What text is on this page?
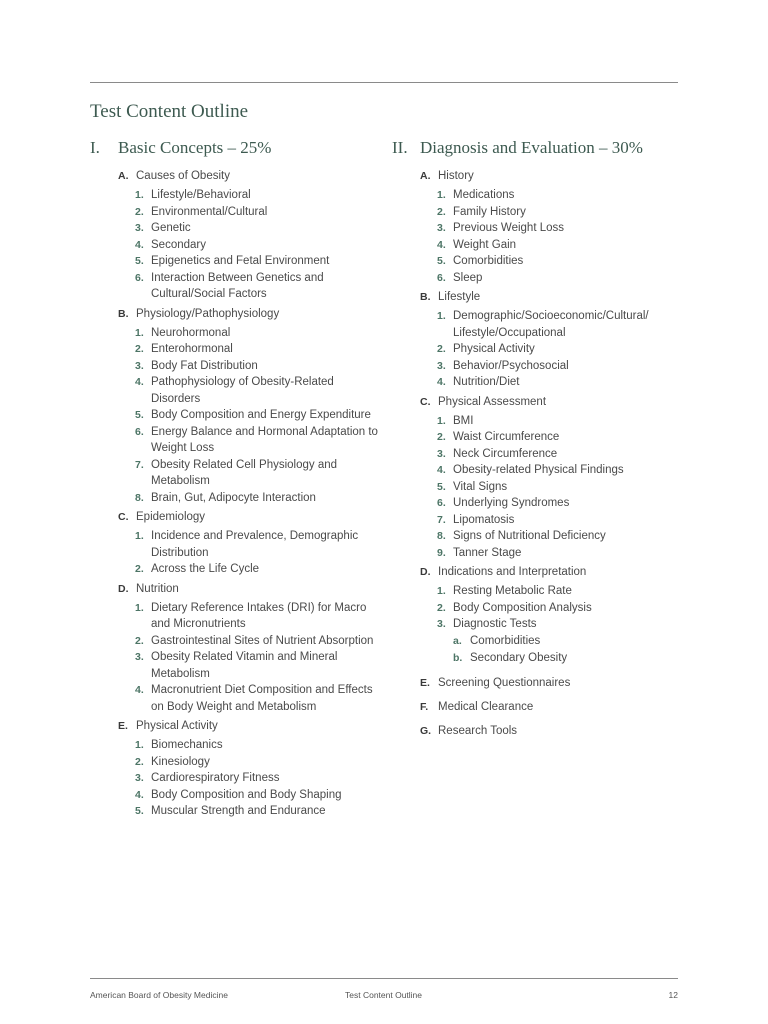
Test Content Outline
I.	Basic Concepts – 25%
A. Causes of Obesity
1. Lifestyle/Behavioral
2. Environmental/Cultural
3. Genetic
4. Secondary
5. Epigenetics and Fetal Environment
6. Interaction Between Genetics and Cultural/Social Factors
B. Physiology/Pathophysiology
1. Neurohormonal
2. Enterohormonal
3. Body Fat Distribution
4. Pathophysiology of Obesity-Related Disorders
5. Body Composition and Energy Expenditure
6. Energy Balance and Hormonal Adaptation to Weight Loss
7. Obesity Related Cell Physiology and Metabolism
8. Brain, Gut, Adipocyte Interaction
C. Epidemiology
1. Incidence and Prevalence, Demographic Distribution
2. Across the Life Cycle
D. Nutrition
1. Dietary Reference Intakes (DRI) for Macro and Micronutrients
2. Gastrointestinal Sites of Nutrient Absorption
3. Obesity Related Vitamin and Mineral Metabolism
4. Macronutrient Diet Composition and Effects on Body Weight and Metabolism
E. Physical Activity
1. Biomechanics
2. Kinesiology
3. Cardiorespiratory Fitness
4. Body Composition and Body Shaping
5. Muscular Strength and Endurance
II. Diagnosis and Evaluation – 30%
A. History
1. Medications
2. Family History
3. Previous Weight Loss
4. Weight Gain
5. Comorbidities
6. Sleep
B. Lifestyle
1. Demographic/Socioeconomic/Cultural/ Lifestyle/Occupational
2. Physical Activity
3. Behavior/Psychosocial
4. Nutrition/Diet
C. Physical Assessment
1. BMI
2. Waist Circumference
3. Neck Circumference
4. Obesity-related Physical Findings
5. Vital Signs
6. Underlying Syndromes
7. Lipomatosis
8. Signs of Nutritional Deficiency
9. Tanner Stage
D. Indications and Interpretation
1. Resting Metabolic Rate
2. Body Composition Analysis
3. Diagnostic Tests
a. Comorbidities
b. Secondary Obesity
E. Screening Questionnaires
F. Medical Clearance
G. Research Tools
American Board of Obesity Medicine	Test Content Outline	12
